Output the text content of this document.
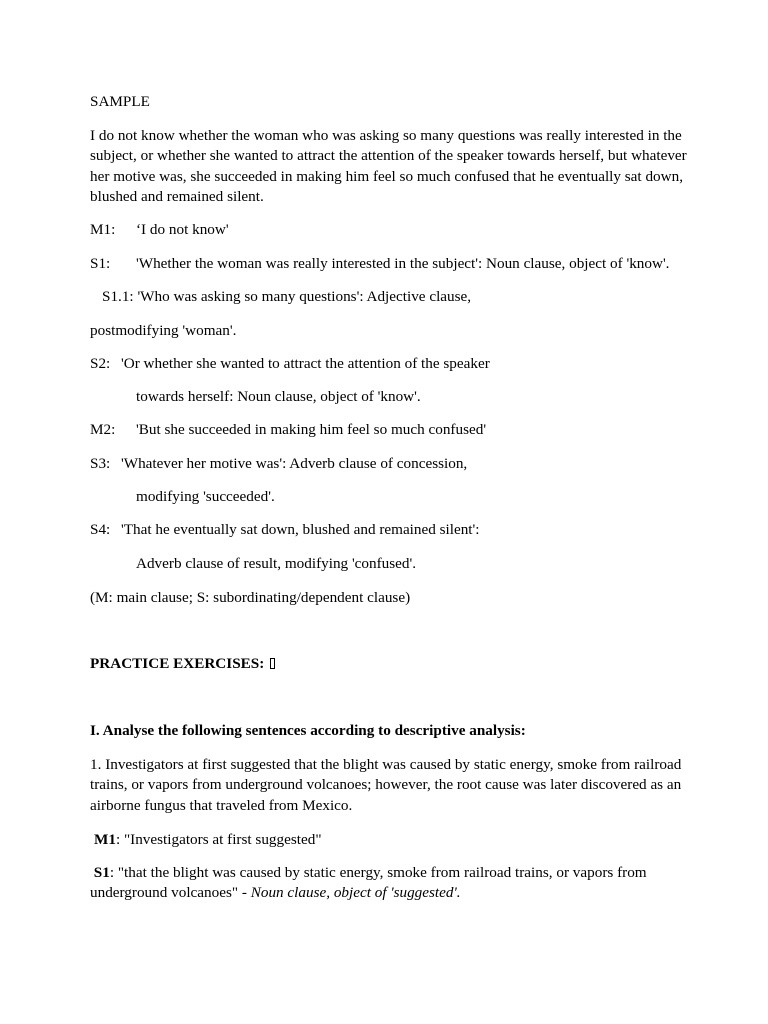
SAMPLE
I do not know whether the woman who was asking so many questions was really interested in the subject, or whether she wanted to attract the attention of the speaker towards herself, but whatever her motive was, she succeeded in making him feel so much confused that he eventually sat down, blushed and remained silent.
M1: ‘I do not know'
S1: 'Whether the woman was really interested in the subject': Noun clause, object of 'know'.
S1.1: 'Who was asking so many questions': Adjective clause,
postmodifying 'woman'.
S2: 'Or whether she wanted to attract the attention of the speaker
towards herself: Noun clause, object of 'know'.
M2: 'But she succeeded in making him feel so much confused'
S3: 'Whatever her motive was': Adverb clause of concession,
modifying 'succeeded'.
S4: 'That he eventually sat down, blushed and remained silent':
Adverb clause of result, modifying 'confused'.
(M: main clause; S: subordinating/dependent clause)
PRACTICE EXERCISES:
I. Analyse the following sentences according to descriptive analysis:
1. Investigators at first suggested that the blight was caused by static energy, smoke from railroad trains, or vapors from underground volcanoes; however, the root cause was later discovered as an airborne fungus that traveled from Mexico.
M1: "Investigators at first suggested"
S1: "that the blight was caused by static energy, smoke from railroad trains, or vapors from underground volcanoes" - Noun clause, object of 'suggested'.
